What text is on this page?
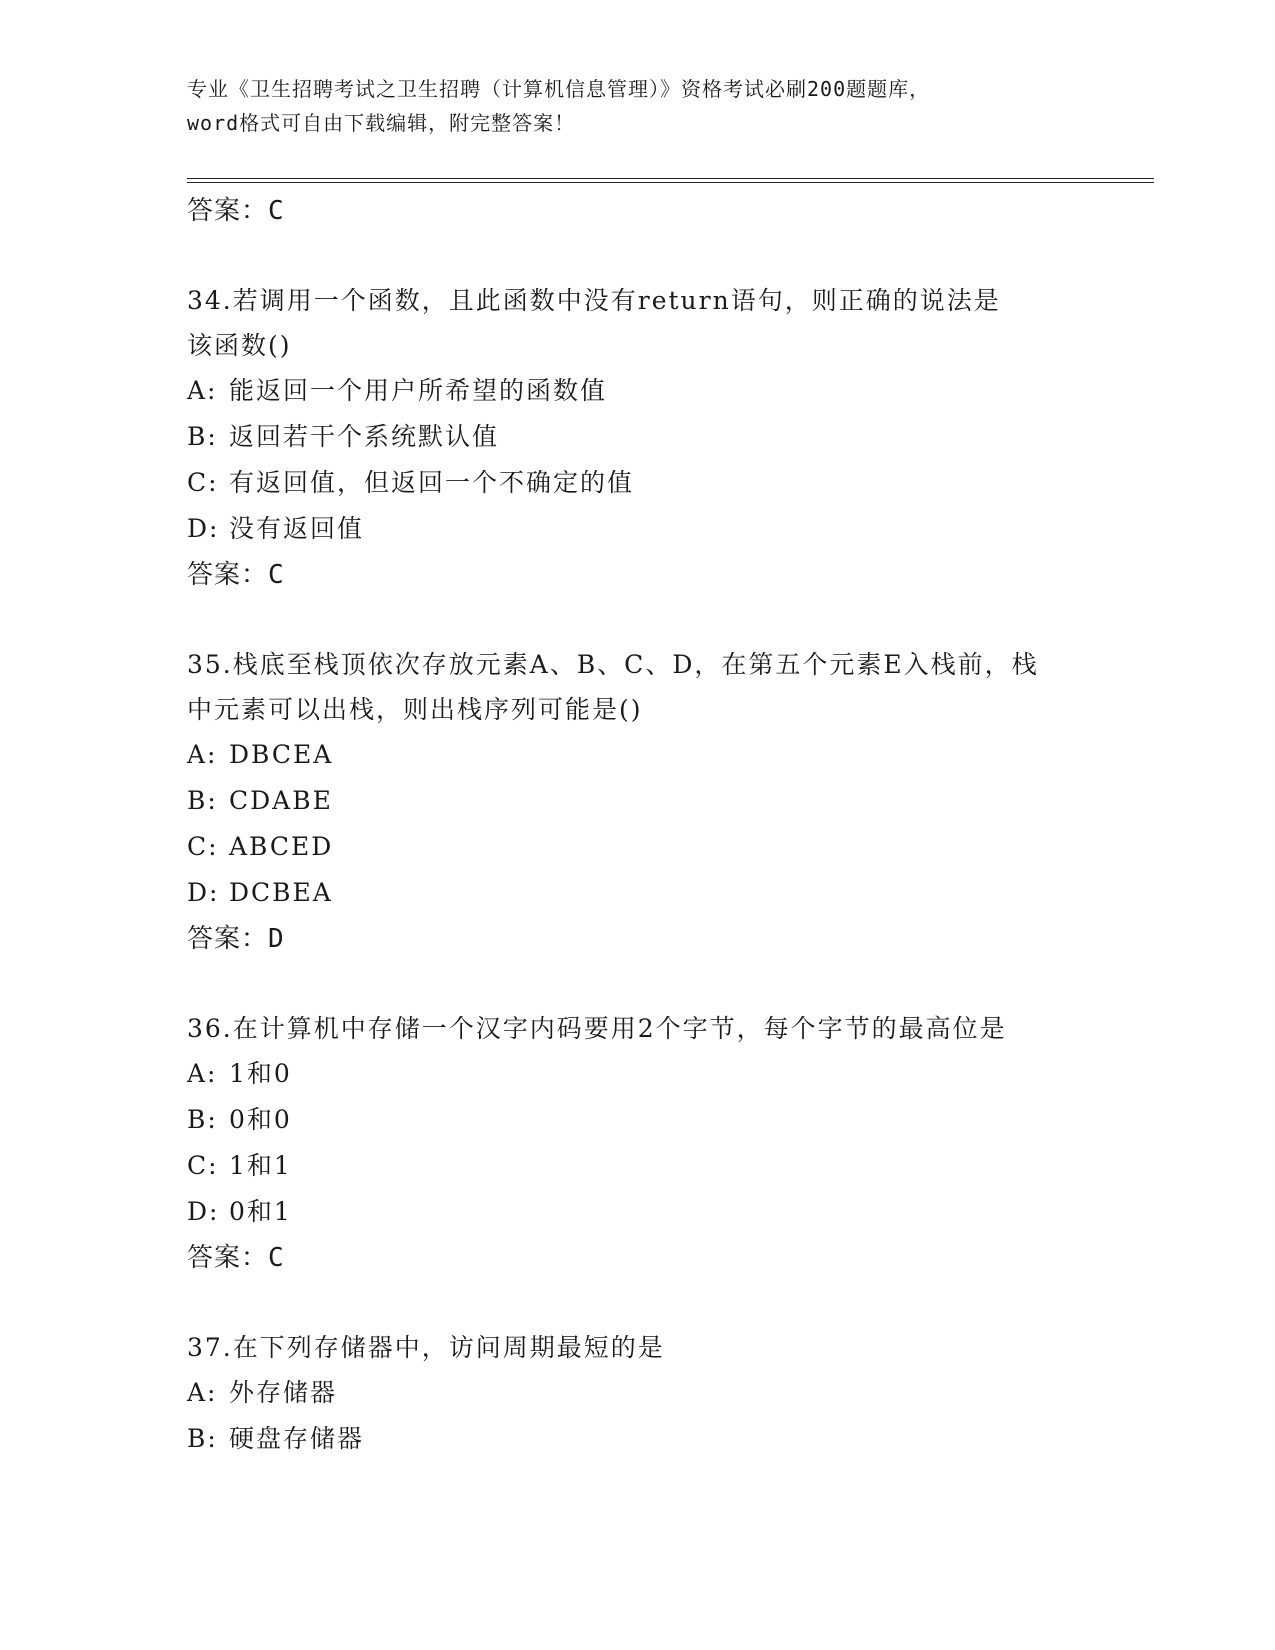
专业《卫生招聘考试之卫生招聘（计算机信息管理）》资格考试必刷200题题库，
word格式可自由下载编辑，附完整答案！
答案：C
34.若调用一个函数，且此函数中没有return语句，则正确的说法是
该函数()
A: 能返回一个用户所希望的函数值
B: 返回若干个系统默认值
C: 有返回值，但返回一个不确定的值
D: 没有返回值
答案：C
35.栈底至栈顶依次存放元素A、B、C、D，在第五个元素E入栈前，栈
中元素可以出栈，则出栈序列可能是()
A: DBCEA
B: CDABE
C: ABCED
D: DCBEA
答案：D
36.在计算机中存储一个汉字内码要用2个字节，每个字节的最高位是
A: 1和0
B: 0和0
C: 1和1
D: 0和1
答案：C
37.在下列存储器中，访问周期最短的是
A: 外存储器
B: 硬盘存储器
